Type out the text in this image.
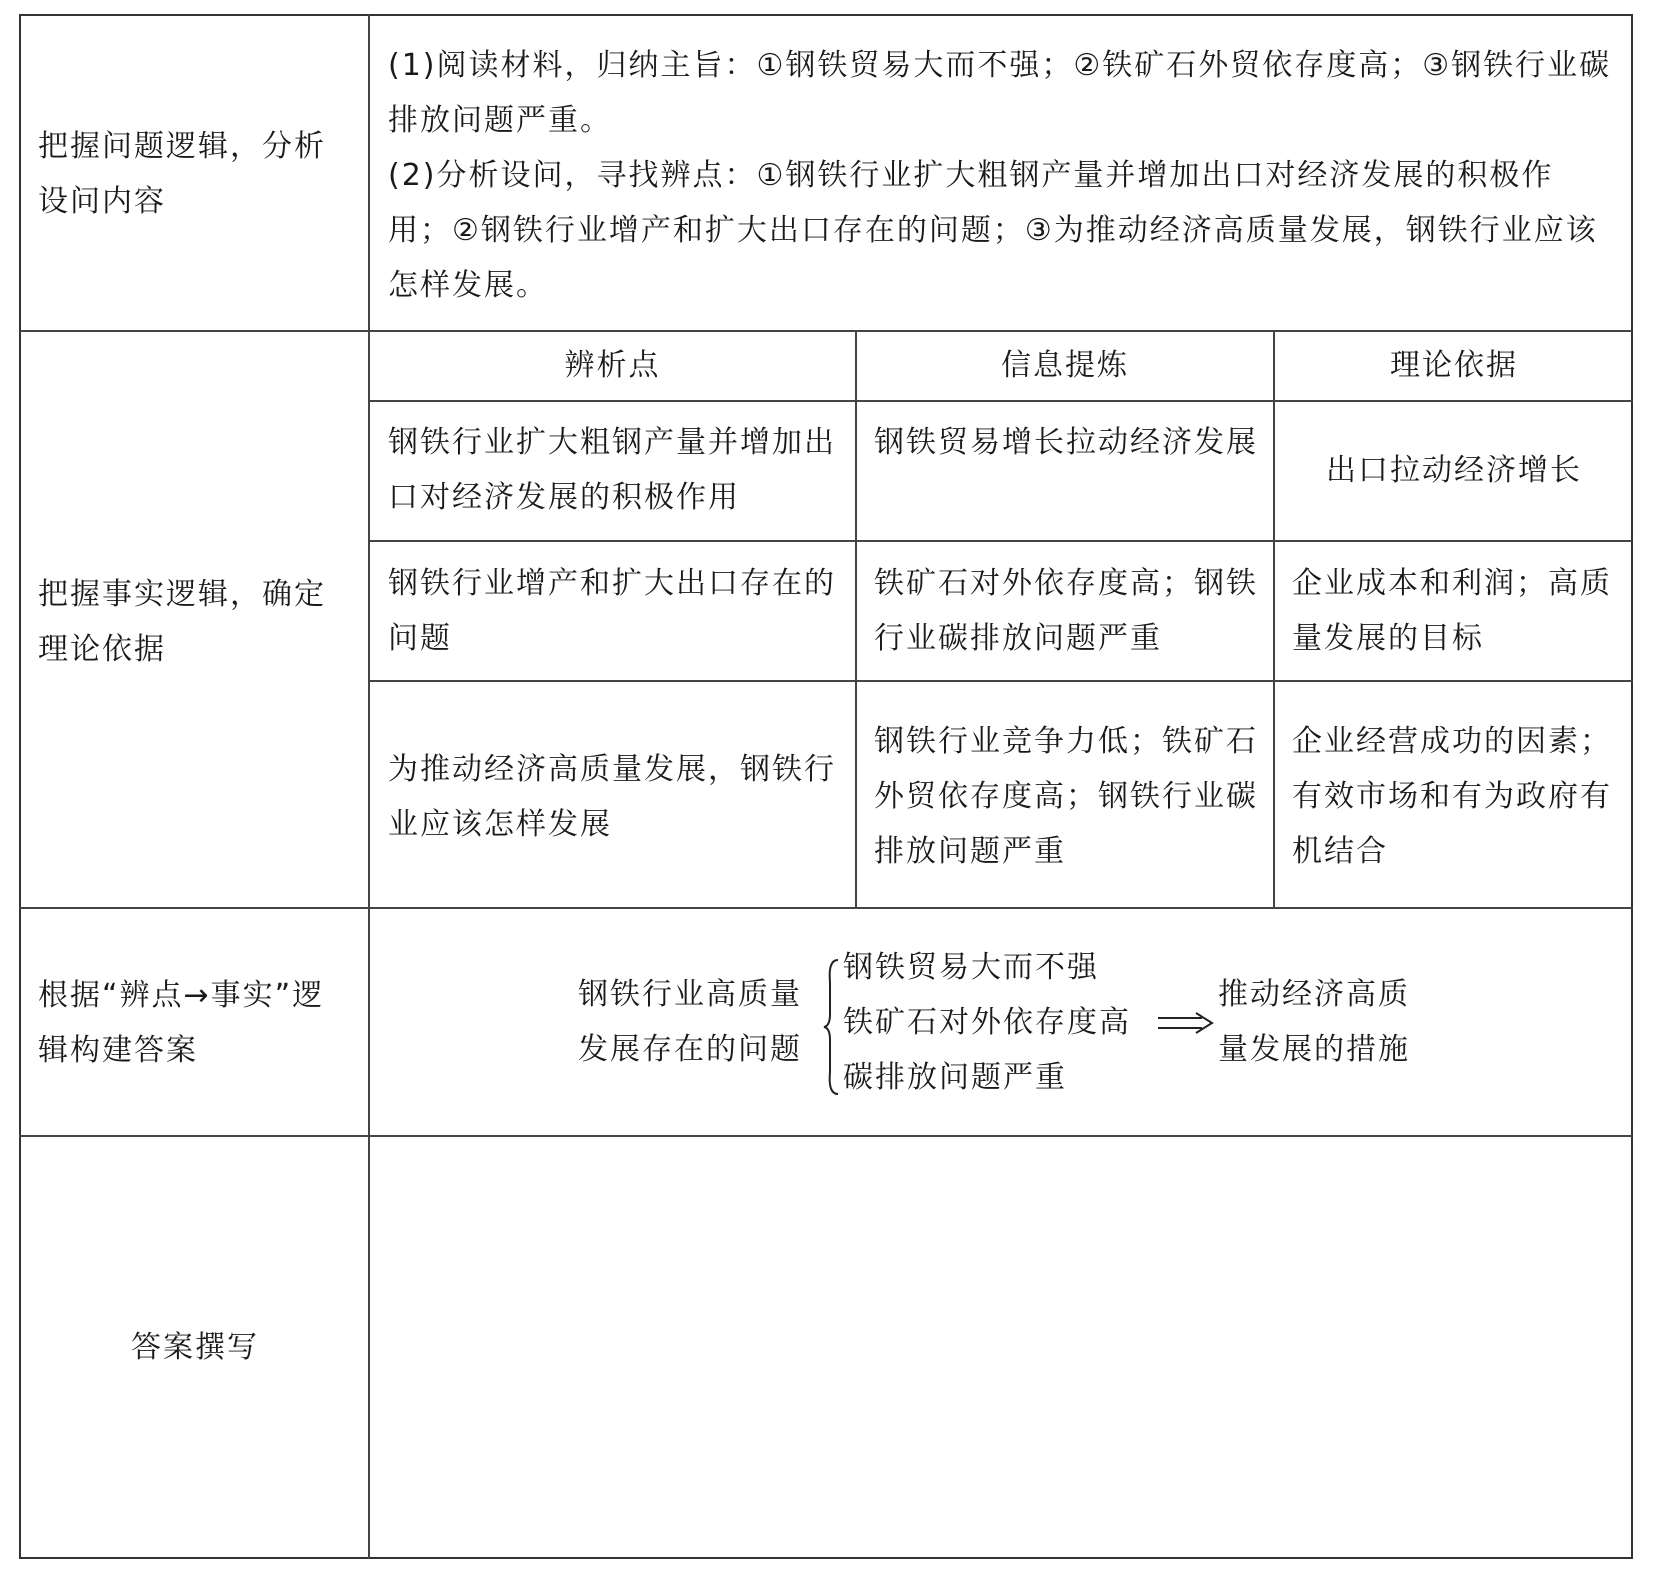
把握问题逻辑，分析设问内容
(1)阅读材料，归纳主旨：①钢铁贸易大而不强；②铁矿石外贸依存度高；③钢铁行业碳排放问题严重。
(2)分析设问，寻找辨点：①钢铁行业扩大粗钢产量并增加出口对经济发展的积极作用；②钢铁行业增产和扩大出口存在的问题；③为推动经济高质量发展，钢铁行业应该怎样发展。
把握事实逻辑，确定理论依据
辨析点	信息提炼	理论依据
钢铁行业扩大粗钢产量并增加出口对经济发展的积极作用
钢铁贸易增长拉动经济发展
出口拉动经济增长
钢铁行业增产和扩大出口存在的问题
铁矿石对外依存度高；钢铁行业碳排放问题严重
企业成本和利润；高质量发展的目标
为推动经济高质量发展，钢铁行业应该怎样发展
钢铁行业竞争力低；铁矿石外贸依存度高；钢铁行业碳排放问题严重
企业经营成功的因素；有效市场和有为政府有机结合
根据“辨点→事实”逻辑构建答案
钢铁行业高质量
发展存在的问题
钢铁贸易大而不强
铁矿石对外依存度高
碳排放问题严重
推动经济高质
量发展的措施
答案撰写
